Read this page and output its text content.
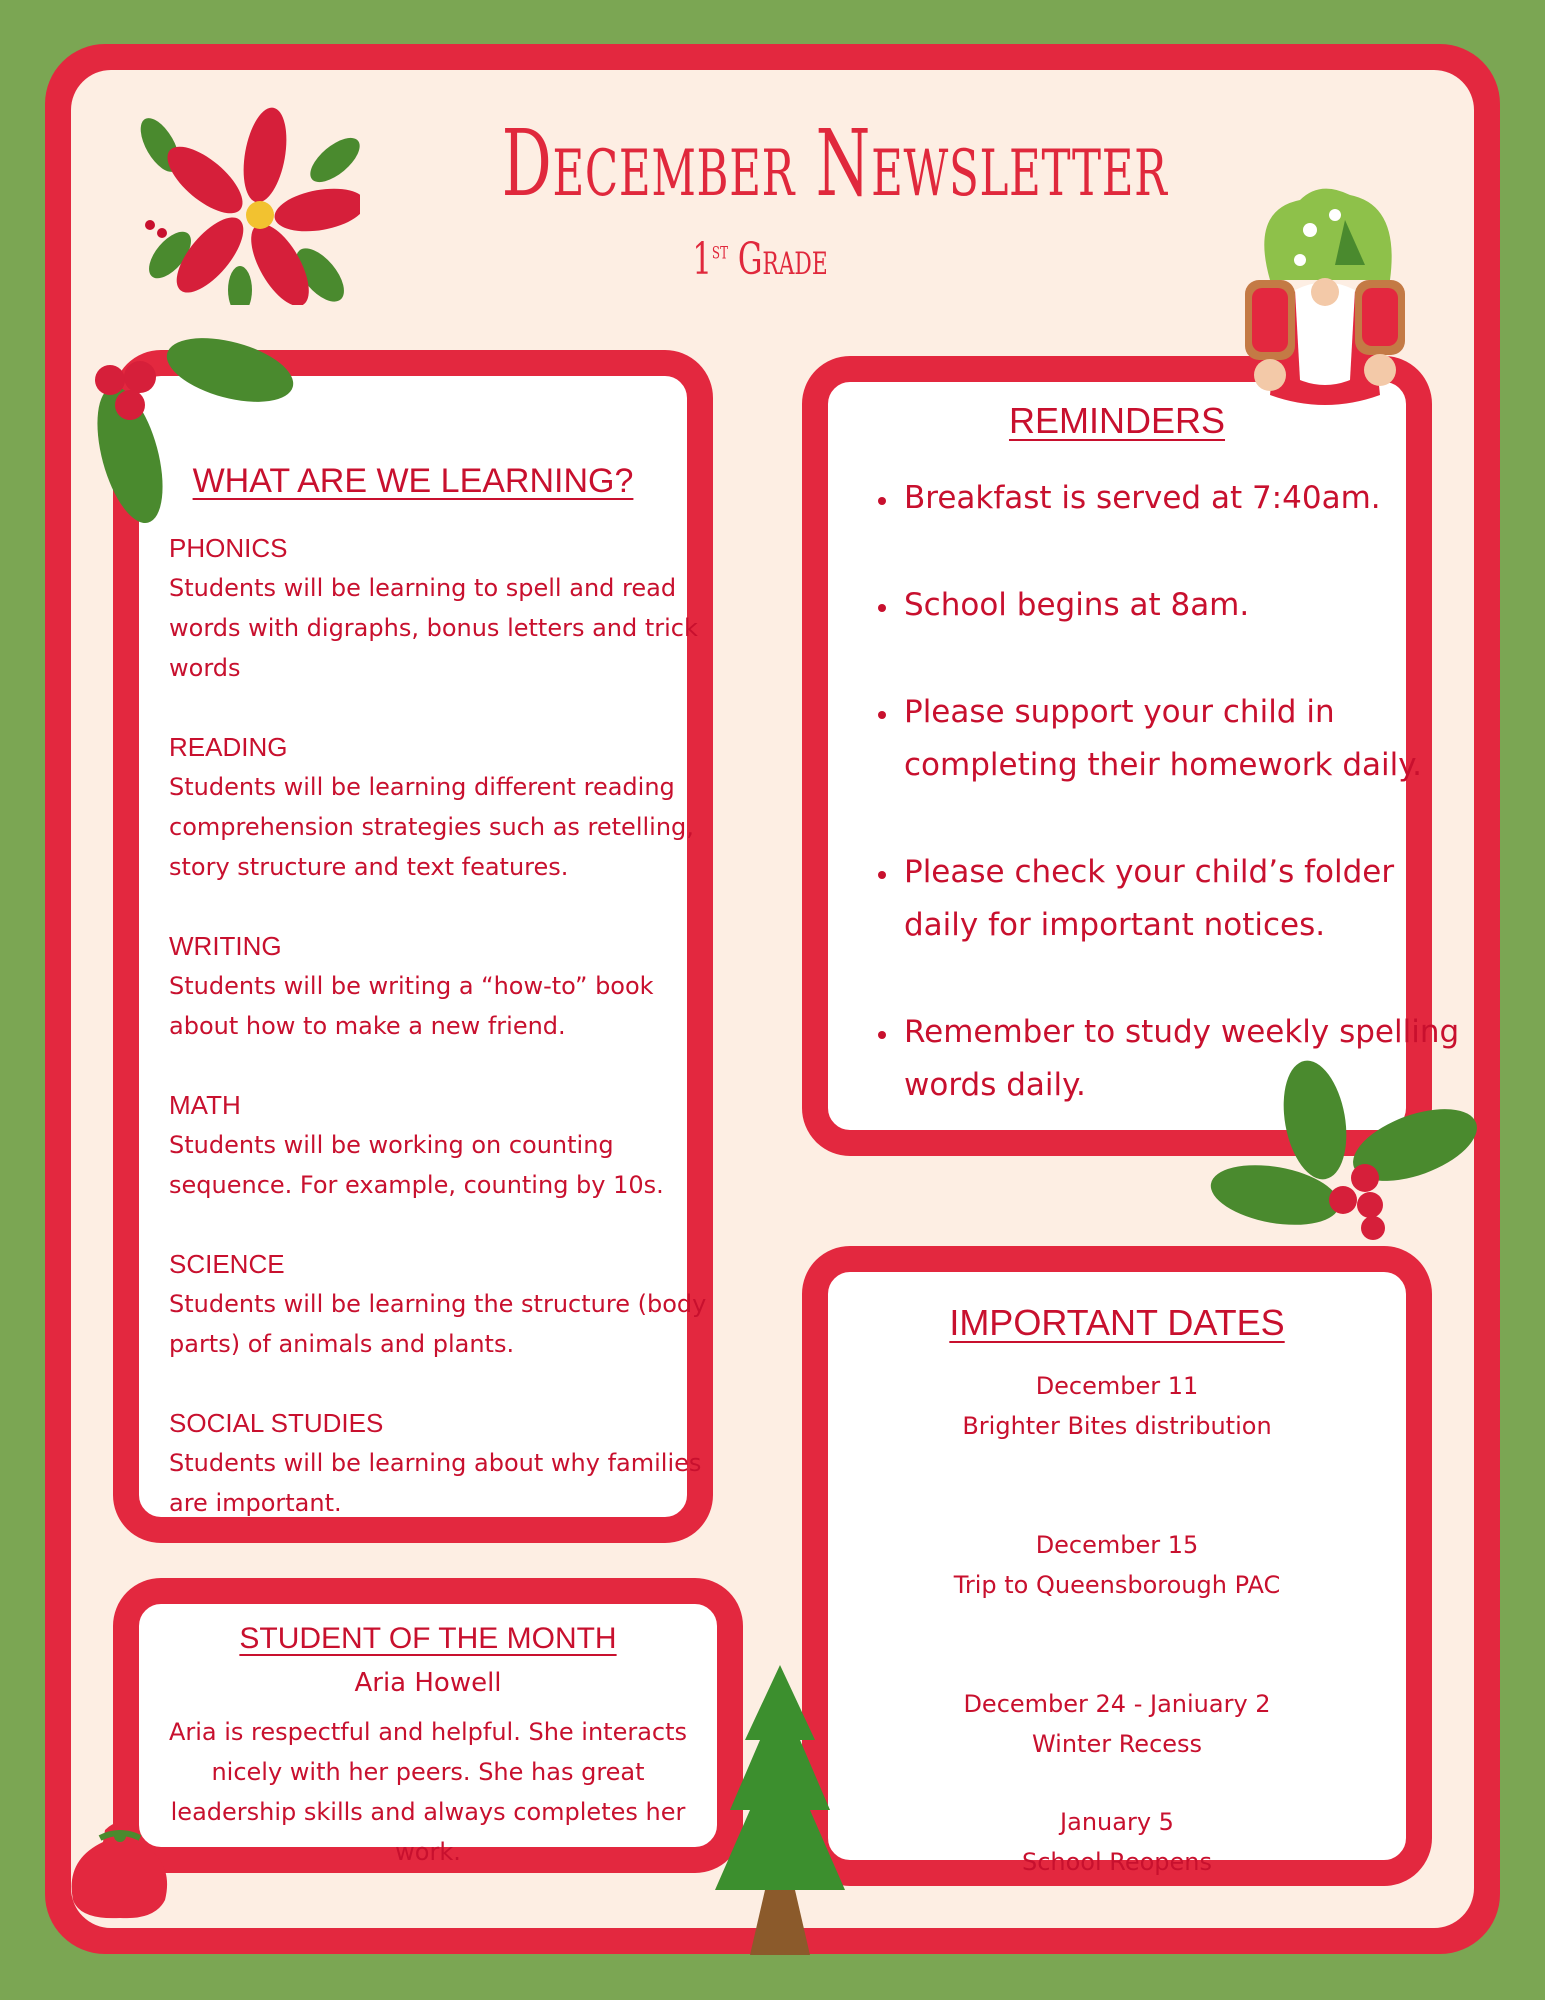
December Newsletter
1st Grade
WHAT ARE WE LEARNING?
PHONICS
Students will be learning to spell and read words with digraphs, bonus letters and trick words
READING
Students will be learning different reading comprehension strategies such as retelling, story structure and text features.
WRITING
Students will be writing a “how-to” book about how to make a new friend.
MATH
Students will be working on counting sequence. For example, counting by 10s.
SCIENCE
Students will be learning the structure (body parts) of animals and plants.
SOCIAL STUDIES
Students will be learning about why families are important.
REMINDERS
• Breakfast is served at 7:40am.
• School begins at 8am.
• Please support your child in completing their homework daily.
• Please check your child’s folder daily for important notices.
• Remember to study weekly spelling words daily.
IMPORTANT DATES
December 11
Brighter Bites distribution
December 15
Trip to Queensborough PAC
December 24 - Janiuary 2
Winter Recess
January 5
School Reopens
STUDENT OF THE MONTH
Aria Howell
Aria is respectful and helpful. She interacts nicely with her peers. She has great leadership skills and always completes her work.
